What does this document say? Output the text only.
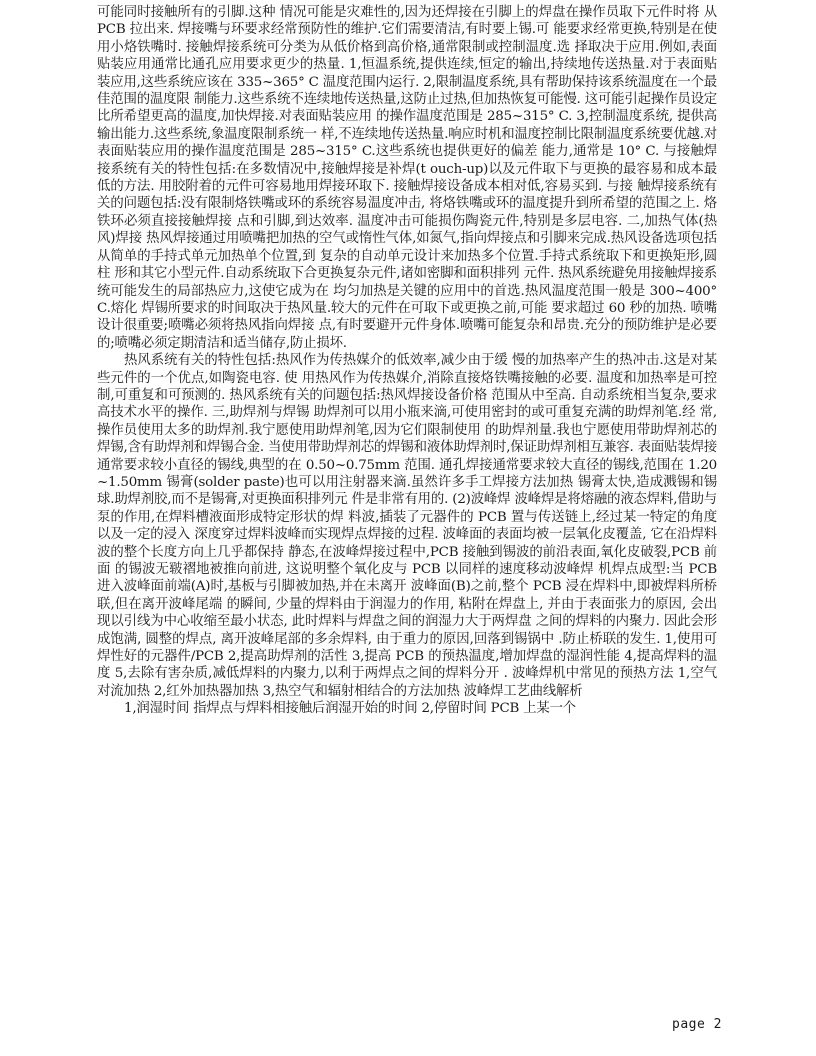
可能同时接触所有的引脚.这种 情况可能是灾难性的,因为还焊接在引脚上的焊盘在操作员取下元件时将 从 PCB 拉出来. 焊接嘴与环要求经常预防性的维护.它们需要清洁,有时要上锡.可 能要求经常更换,特别是在使用小烙铁嘴时. 接触焊接系统可分类为从低价格到高价格,通常限制或控制温度.选 择取决于应用.例如,表面贴装应用通常比通孔应用要求更少的热量. 1,恒温系统,提供连续,恒定的输出,持续地传送热量.对于表面贴 装应用,这些系统应该在 335~365° C 温度范围内运行. 2,限制温度系统,具有帮助保持该系统温度在一个最佳范围的温度限 制能力.这些系统不连续地传送热量,这防止过热,但加热恢复可能慢. 这可能引起操作员设定比所希望更高的温度,加快焊接.对表面贴装应用 的操作温度范围是 285~315° C. 3,控制温度系统, 提供高输出能力.这些系统,象温度限制系统一 样,不连续地传送热量.响应时机和温度控制比限制温度系统要优越.对 表面贴装应用的操作温度范围是 285~315° C.这些系统也提供更好的偏差 能力,通常是 10° C. 与接触焊接系统有关的特性包括:在多数情况中,接触焊接是补焊(t ouch-up)以及元件取下与更换的最容易和成本最低的方法. 用胶附着的元件可容易地用焊接环取下. 接触焊接设备成本相对低,容易买到. 与接 触焊接系统有关的问题包括:没有限制烙铁嘴或环的系统容易温度冲击, 将烙铁嘴或环的温度提升到所希望的范围之上. 烙铁环必须直接接触焊接 点和引脚,到达效率. 温度冲击可能损伤陶瓷元件,特别是多层电容. 二,加热气体(热风)焊接 热风焊接通过用喷嘴把加热的空气或惰性气体,如氮气,指向焊接点和引脚来完成.热风设备选项包括从简单的手持式单元加热单个位置,到 复杂的自动单元设计来加热多个位置.手持式系统取下和更换矩形,圆柱 形和其它小型元件.自动系统取下合更换复杂元件,诸如密脚和面积排列 元件. 热风系统避免用接触焊接系统可能发生的局部热应力,这使它成为在 均匀加热是关键的应用中的首选.热风温度范围一般是 300~400° C.熔化 焊锡所要求的时间取决于热风量.较大的元件在可取下或更换之前,可能 要求超过 60 秒的加热. 喷嘴设计很重要;喷嘴必须将热风指向焊接 点,有时要避开元件身体.喷嘴可能复杂和昂贵.充分的预防维护是必要 的;喷嘴必须定期清洁和适当储存,防止损坏.

热风系统有关的特性包括:热风作为传热媒介的低效率,减少由于缓 慢的加热率产生的热冲击.这是对某些元件的一个优点,如陶瓷电容. 使 用热风作为传热媒介,消除直接烙铁嘴接触的必要. 温度和加热率是可控 制,可重复和可预测的. 热风系统有关的问题包括:热风焊接设备价格 范围从中至高. 自动系统相当复杂,要求高技术水平的操作. 三,助焊剂与焊锡 助焊剂可以用小瓶来滴,可使用密封的或可重复充满的助焊剂笔.经 常,操作员使用太多的助焊剂.我宁愿使用助焊剂笔,因为它们限制使用 的助焊剂量.我也宁愿使用带助焊剂芯的焊锡,含有助焊剂和焊锡合金. 当使用带助焊剂芯的焊锡和液体助焊剂时,保证助焊剂相互兼容. 表面贴装焊接通常要求较小直径的锡线,典型的在 0.50~0.75mm 范围. 通孔焊接通常要求较大直径的锡线,范围在 1.20~1.50mm 锡膏(solder paste)也可以用注射器来滴.虽然许多手工焊接方法加热 锡膏太快,造成溅锡和锡球.助焊剂胶,而不是锡膏,对更换面积排列元 件是非常有用的. (2)波峰焊 波峰焊是将熔融的液态焊料,借助与泵的作用,在焊料槽液面形成特定形状的焊 料波,插装了元器件的 PCB 置与传送链上,经过某一特定的角度以及一定的浸入 深度穿过焊料波峰而实现焊点焊接的过程. 波峰面的表面均被一层氧化皮覆盖, 它在沿焊料波的整个长度方向上几乎都保持 静态,在波峰焊接过程中,PCB 接触到锡波的前沿表面,氧化皮破裂,PCB 前面 的锡波无皲褶地被推向前进, 这说明整个氧化皮与 PCB 以同样的速度移动波峰焊 机焊点成型:当 PCB 进入波峰面前端(A)时,基板与引脚被加热,并在未离开 波峰面(B)之前,整个 PCB 浸在焊料中,即被焊料所桥联,但在离开波峰尾端 的瞬间, 少量的焊料由于润湿力的作用, 粘附在焊盘上, 并由于表面张力的原因, 会出现以引线为中心收缩至最小状态, 此时焊料与焊盘之间的润湿力大于两焊盘 之间的焊料的内聚力. 因此会形成饱满, 圆整的焊点, 离开波峰尾部的多余焊料, 由于重力的原因,回落到锡锅中 .防止桥联的发生. 1,使用可焊性好的元器件/PCB 2,提高助焊剂的活性 3,提高 PCB 的预热温度,增加焊盘的湿润性能 4,提高焊料的温度 5,去除有害杂质,减低焊料的内聚力,以利于两焊点之间的焊料分开 . 波峰焊机中常见的预热方法 1,空气对流加热 2,红外加热器加热 3,热空气和辐射相结合的方法加热 波峰焊工艺曲线解析

1,润湿时间 指焊点与焊料相接触后润湿开始的时间 2,停留时间 PCB 上某一个

page 2
